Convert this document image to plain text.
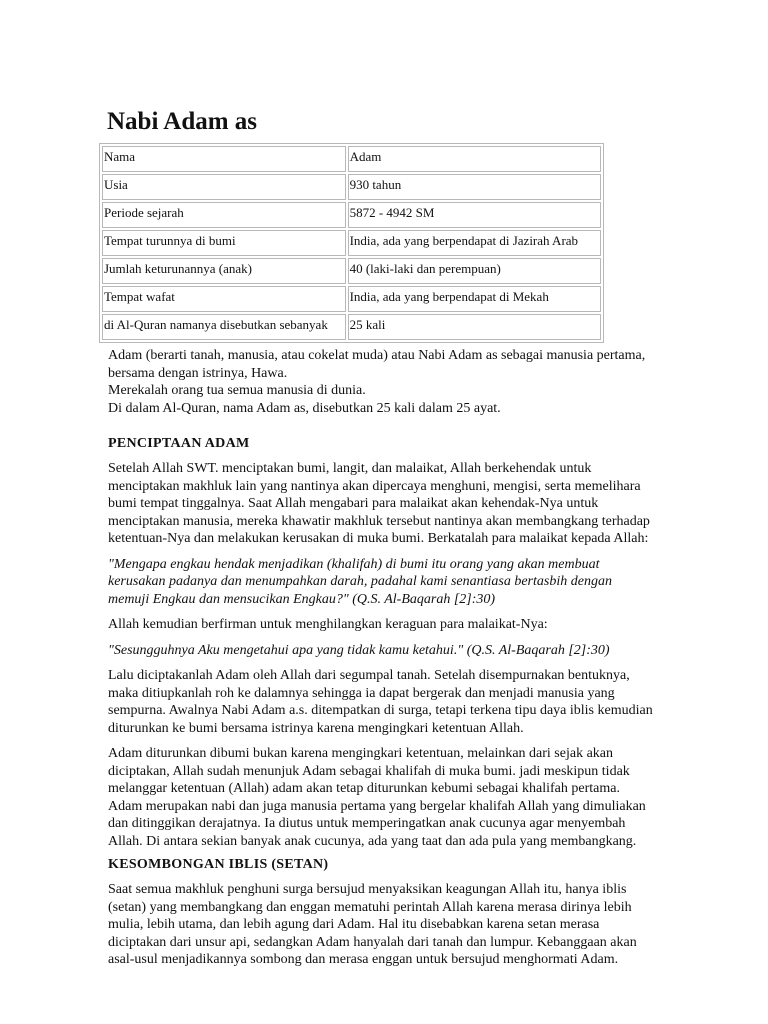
Nabi Adam as
Nama	Adam
Usia	930 tahun
Periode sejarah	5872 - 4942 SM
Tempat turunnya di bumi	India, ada yang berpendapat di Jazirah Arab
Jumlah keturunannya (anak)	40 (laki-laki dan perempuan)
Tempat wafat	India, ada yang berpendapat di Mekah
di Al-Quran namanya disebutkan sebanyak	25 kali

Adam (berarti tanah, manusia, atau cokelat muda) atau Nabi Adam as sebagai manusia pertama, bersama dengan istrinya, Hawa.

Merekalah orang tua semua manusia di dunia.

Di dalam Al-Quran, nama Adam as, disebutkan 25 kali dalam 25 ayat.

PENCIPTAAN ADAM

Setelah Allah SWT. menciptakan bumi, langit, dan malaikat, Allah berkehendak untuk menciptakan makhluk lain yang nantinya akan dipercaya menghuni, mengisi, serta memelihara bumi tempat tinggalnya. Saat Allah mengabari para malaikat akan kehendak-Nya untuk menciptakan manusia, mereka khawatir makhluk tersebut nantinya akan membangkang terhadap ketentuan-Nya dan melakukan kerusakan di muka bumi. Berkatalah para malaikat kepada Allah:

"Mengapa engkau hendak menjadikan (khalifah) di bumi itu orang yang akan membuat kerusakan padanya dan menumpahkan darah, padahal kami senantiasa bertasbih dengan memuji Engkau dan mensucikan Engkau?" (Q.S. Al-Baqarah [2]:30)

Allah kemudian berfirman untuk menghilangkan keraguan para malaikat-Nya:

"Sesungguhnya Aku mengetahui apa yang tidak kamu ketahui." (Q.S. Al-Baqarah [2]:30)

Lalu diciptakanlah Adam oleh Allah dari segumpal tanah. Setelah disempurnakan bentuknya, maka ditiupkanlah roh ke dalamnya sehingga ia dapat bergerak dan menjadi manusia yang sempurna. Awalnya Nabi Adam a.s. ditempatkan di surga, tetapi terkena tipu daya iblis kemudian diturunkan ke bumi bersama istrinya karena mengingkari ketentuan Allah.

Adam diturunkan dibumi bukan karena mengingkari ketentuan, melainkan dari sejak akan diciptakan, Allah sudah menunjuk Adam sebagai khalifah di muka bumi. jadi meskipun tidak melanggar ketentuan (Allah) adam akan tetap diturunkan kebumi sebagai khalifah pertama.

Adam merupakan nabi dan juga manusia pertama yang bergelar khalifah Allah yang dimuliakan dan ditinggikan derajatnya. Ia diutus untuk memperingatkan anak cucunya agar menyembah Allah. Di antara sekian banyak anak cucunya, ada yang taat dan ada pula yang membangkang.

KESOMBONGAN IBLIS (SETAN)

Saat semua makhluk penghuni surga bersujud menyaksikan keagungan Allah itu, hanya iblis (setan) yang membangkang dan enggan mematuhi perintah Allah karena merasa dirinya lebih mulia, lebih utama, dan lebih agung dari Adam. Hal itu disebabkan karena setan merasa diciptakan dari unsur api, sedangkan Adam hanyalah dari tanah dan lumpur. Kebanggaan akan asal-usul menjadikannya sombong dan merasa enggan untuk bersujud menghormati Adam.
